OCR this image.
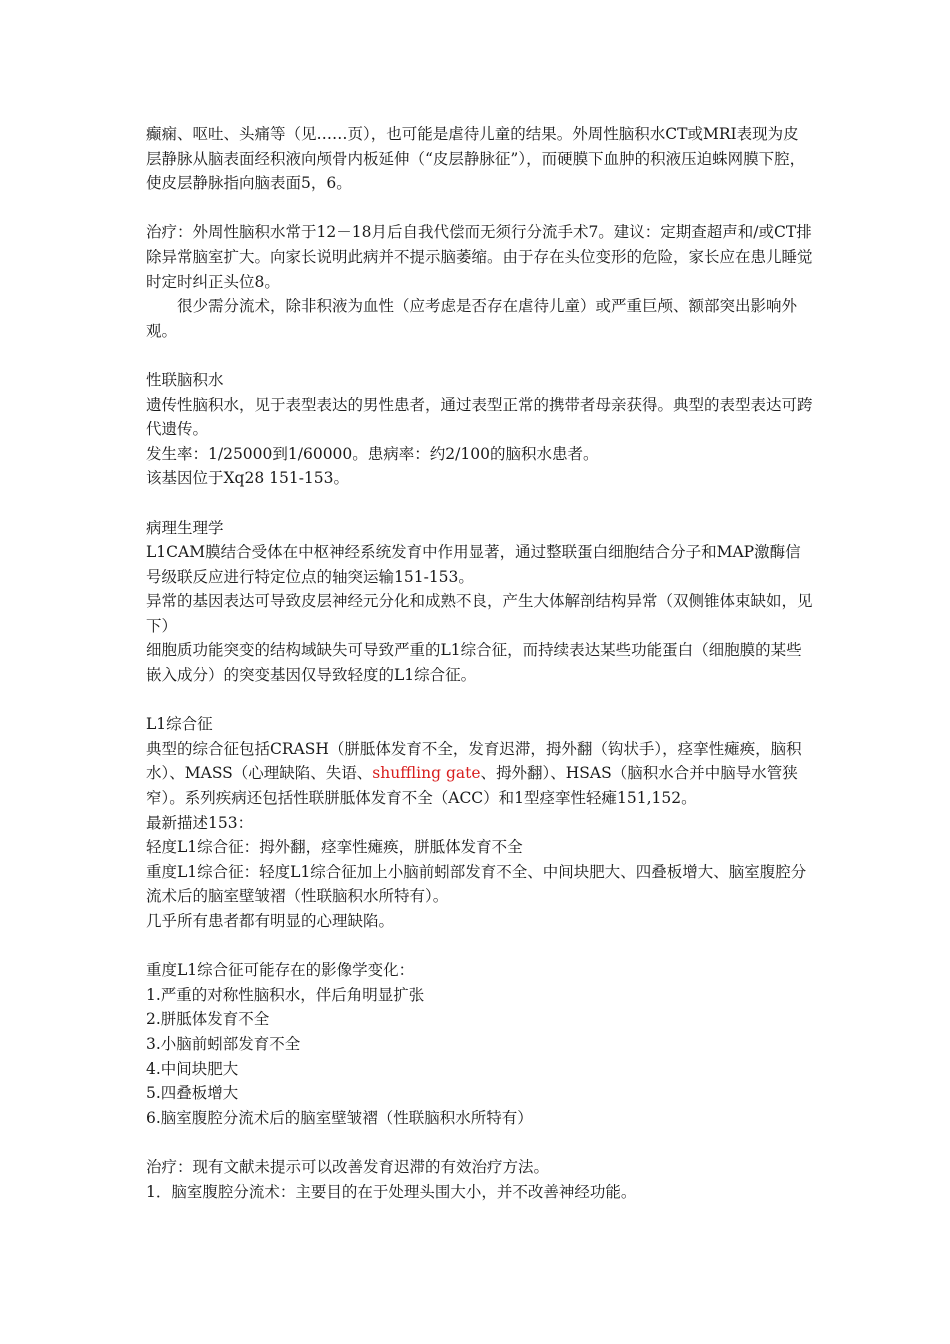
癫痫、呕吐、头痛等（见……页），也可能是虐待儿童的结果。外周性脑积水CT或MRI表现为皮层静脉从脑表面经积液向颅骨内板延伸（“皮层静脉征”），而硬膜下血肿的积液压迫蛛网膜下腔，使皮层静脉指向脑表面5，6。

治疗：外周性脑积水常于12－18月后自我代偿而无须行分流手术7。建议：定期查超声和/或CT排除异常脑室扩大。向家长说明此病并不提示脑萎缩。由于存在头位变形的危险，家长应在患儿睡觉时定时纠正头位8。

很少需分流术，除非积液为血性（应考虑是否存在虐待儿童）或严重巨颅、额部突出影响外观。

性联脑积水

遗传性脑积水，见于表型表达的男性患者，通过表型正常的携带者母亲获得。典型的表型表达可跨代遗传。

发生率：1/25000到1/60000。患病率：约2/100的脑积水患者。

该基因位于Xq28 151-153。

病理生理学

L1CAM膜结合受体在中枢神经系统发育中作用显著，通过整联蛋白细胞结合分子和MAP激酶信号级联反应进行特定位点的轴突运输151-153。

异常的基因表达可导致皮层神经元分化和成熟不良，产生大体解剖结构异常（双侧锥体束缺如，见下）

细胞质功能突变的结构域缺失可导致严重的L1综合征，而持续表达某些功能蛋白（细胞膜的某些嵌入成分）的突变基因仅导致轻度的L1综合征。

L1综合征

典型的综合征包括CRASH（胼胝体发育不全，发育迟滞，拇外翻（钩状手），痉挛性瘫痪，脑积水）、MASS（心理缺陷、失语、shuffling gate、拇外翻）、HSAS（脑积水合并中脑导水管狭窄）。系列疾病还包括性联胼胝体发育不全（ACC）和1型痉挛性轻瘫151,152。

最新描述153：

轻度L1综合征：拇外翻，痉挛性瘫痪，胼胝体发育不全

重度L1综合征：轻度L1综合征加上小脑前蚓部发育不全、中间块肥大、四叠板增大、脑室腹腔分流术后的脑室壁皱褶（性联脑积水所特有）。

几乎所有患者都有明显的心理缺陷。

重度L1综合征可能存在的影像学变化：

1.严重的对称性脑积水，伴后角明显扩张

2.胼胝体发育不全

3.小脑前蚓部发育不全

4.中间块肥大

5.四叠板增大

6.脑室腹腔分流术后的脑室壁皱褶（性联脑积水所特有）

治疗：现有文献未提示可以改善发育迟滞的有效治疗方法。

1．脑室腹腔分流术：主要目的在于处理头围大小，并不改善神经功能。
